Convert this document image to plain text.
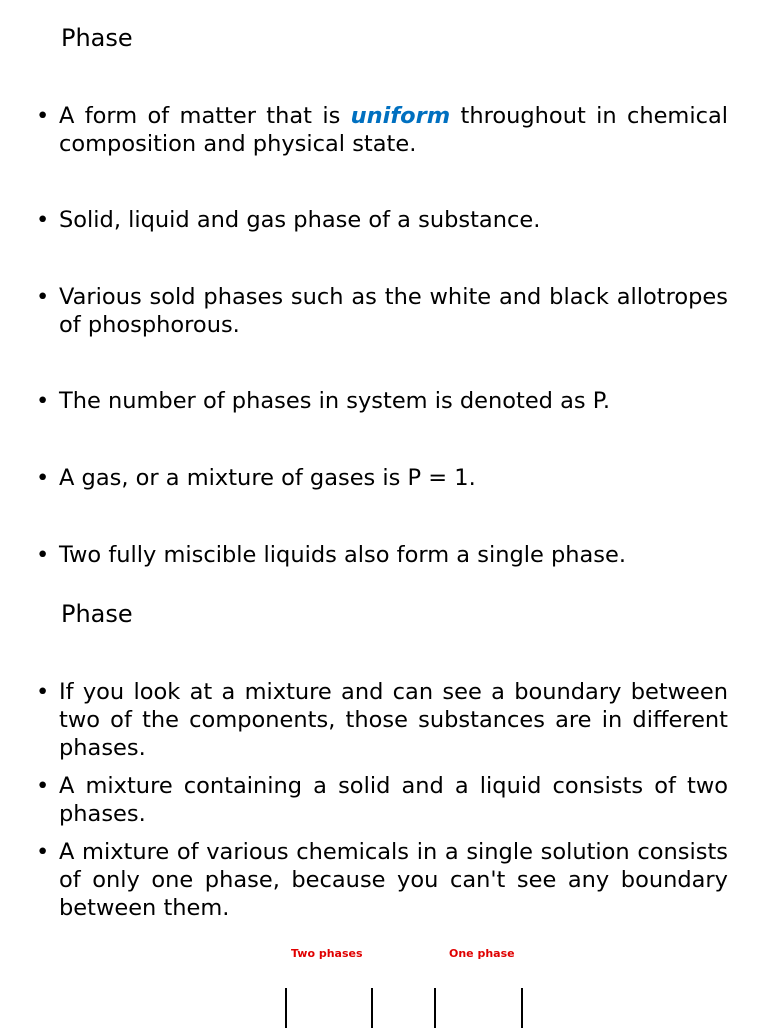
Phase
• A form of matter that is uniform throughout in chemical composition and physical state.
• Solid, liquid and gas phase of a substance.
• Various sold phases such as the white and black allotropes of phosphorous.
• The number of phases in system is denoted as P.
• A gas, or a mixture of gases is P = 1.
• Two fully miscible liquids also form a single phase.
Phase
• If you look at a mixture and can see a boundary between two of the components, those substances are in different phases.
• A mixture containing a solid and a liquid consists of two phases.
• A mixture of various chemicals in a single solution consists of only one phase, because you can't see any boundary between them.
Two phases	One phase
